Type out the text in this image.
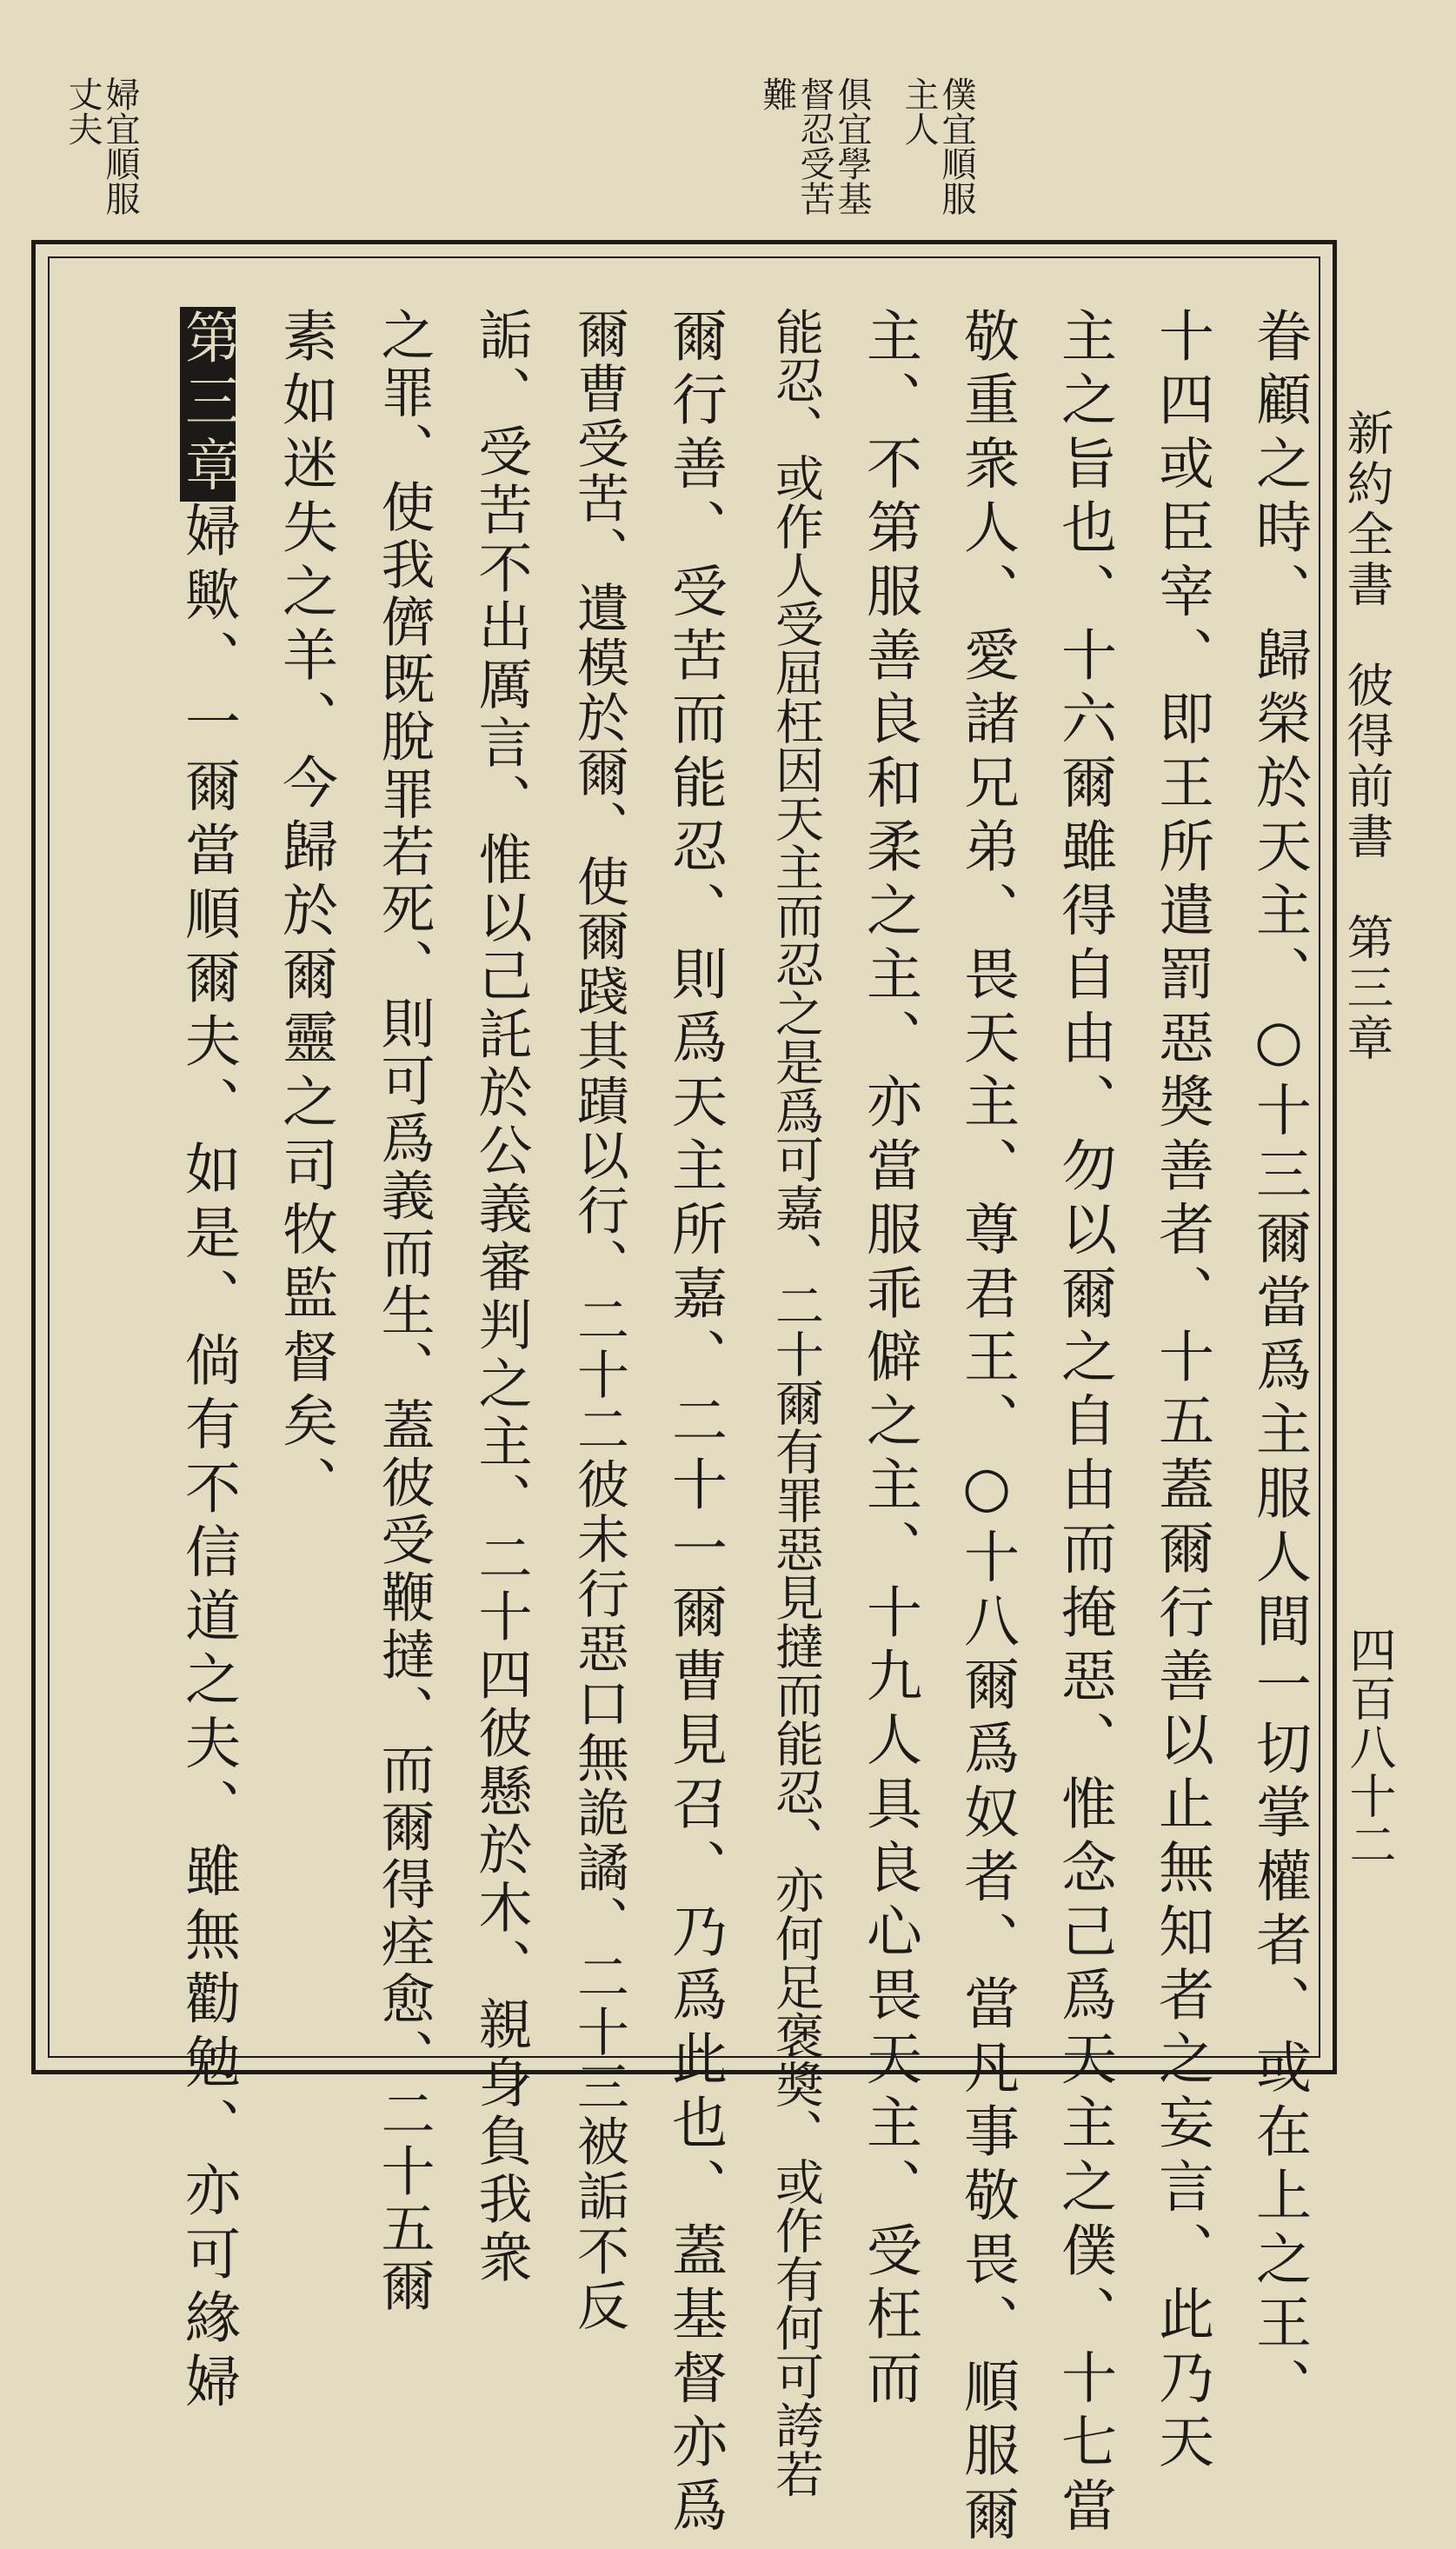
僕宜順服
主人
俱宜學基
督忍受苦
難
婦宜順服
丈夫
眷顧之時、歸榮於天主、○十三爾當爲主服人間一切掌權者、或在上之王、
十四或臣宰、即王所遣罰惡奬善者、十五蓋爾行善以止無知者之妄言、此乃天
主之旨也、十六爾雖得自由、勿以爾之自由而掩惡、惟念己爲天主之僕、十七當
敬重衆人、愛諸兄弟、畏天主、尊君王、○十八爾爲奴者、當凡事敬畏、順服爾
主、不第服善良和柔之主、亦當服乖僻之主、十九人具良心畏天主、受枉而
能忍、或作人受屈枉因天主而忍之是爲可嘉、二十爾有罪惡見撻而能忍、亦何足褒奬、或作有何可誇若
爾行善、受苦而能忍、則爲天主所嘉、二十一爾曹見召、乃爲此也、蓋基督亦爲
爾曹受苦、遺模於爾、使爾踐其蹟以行、二十二彼未行惡口無詭譎、二十三被詬不反
詬、受苦不出厲言、惟以己託於公義審判之主、二十四彼懸於木、親身負我衆
之罪、使我儕既脫罪若死、則可爲義而生、蓋彼受鞭撻、而爾得痊愈、二十五爾
素如迷失之羊、今歸於爾靈之司牧監督矣、
第三章婦歟、一爾當順爾夫、如是、倘有不信道之夫、雖無勸勉、亦可緣婦	新約全書　彼得前書　第三章
四百八十二
